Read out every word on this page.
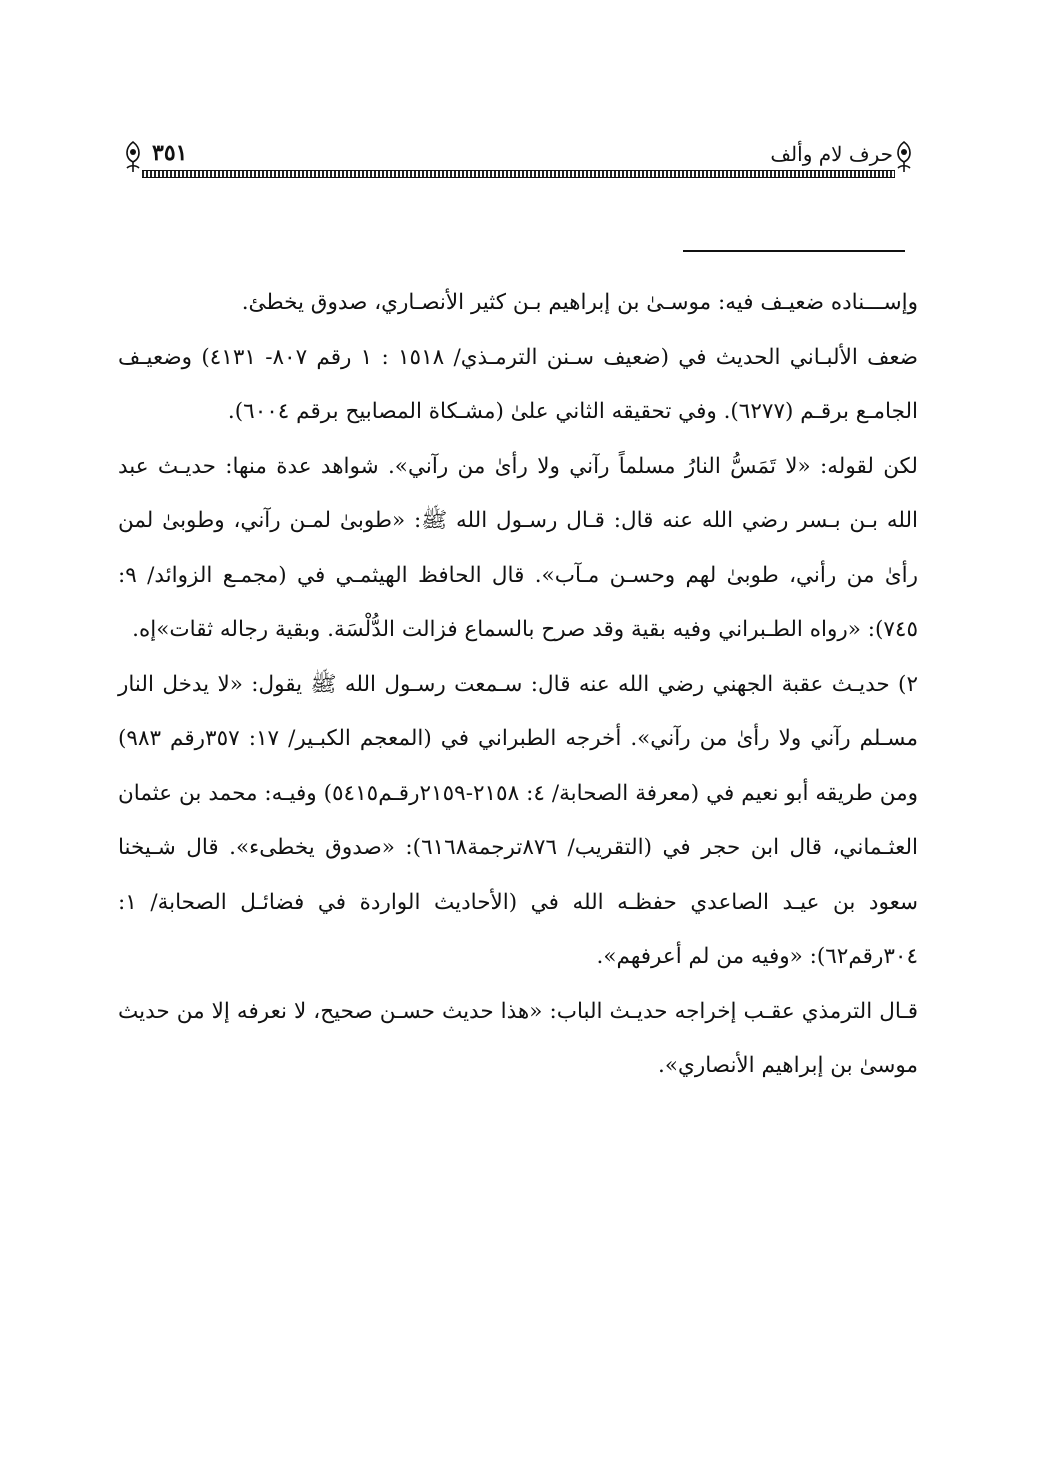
٣٥١	حرف لام وألف

وإســـناده ضعيـف فيه: موسـىٰ بن إبراهيم بـن كثير الأنصـاري، صدوق يخطئ.

ضعف الألبـاني الحديث في (ضعيف سـنن الترمـذي/ ١٥١٨ : ١ رقم ٨٠٧- ٤١٣١) وضعيـف الجامـع برقـم (٦٢٧٧). وفي تحقيقه الثاني علىٰ (مشـكاة المصابيح برقم ٦٠٠٤).

لكن لقوله: «لا تَمَسُّ النارُ مسلماً رآني ولا رأىٰ من رآني». شواهد عدة منها: حديـث عبد الله بـن بـسر رضي الله عنه قال: قـال رسـول الله ﷺ: «طوبىٰ لمـن رآني، وطوبىٰ لمن رأىٰ من رأني، طوبىٰ لهم وحسـن مـآب». قال الحافظ الهيثمـي في (مجمـع الزوائد/ ٩: ٧٤٥): «رواه الطـبراني وفيه بقية وقد صرح بالسماع فزالت الدُّلْسَة. وبقية رجاله ثقات»إه.

٢) حديـث عقبة الجهني رضي الله عنه قال: سـمعت رسـول الله ﷺ يقول: «لا يدخل النار مسـلم رآني ولا رأىٰ من رآني». أخرجه الطبراني في (المعجم الكبـير/ ١٧: ٣٥٧رقم ٩٨٣) ومن طريقه أبو نعيم في (معرفة الصحابة/ ٤: ٢١٥٨-٢١٥٩رقـم٥٤١٥) وفيـه: محمد بن عثمان العثـماني، قال ابن حجر في (التقريب/ ٨٧٦ترجمة٦١٦٨): «صدوق يخطىء». قال شـيخنا سعود بن عيـد الصاعدي حفظـه الله في (الأحاديث الواردة في فضائـل الصحابة/ ١: ٣٠٤رقم٦٢): «وفيه من لم أعرفهم».

قـال الترمذي عقـب إخراجه حديـث الباب: «هذا حديث حسـن صحيح، لا نعرفه إلا من حديث موسىٰ بن إبراهيم الأنصاري».
